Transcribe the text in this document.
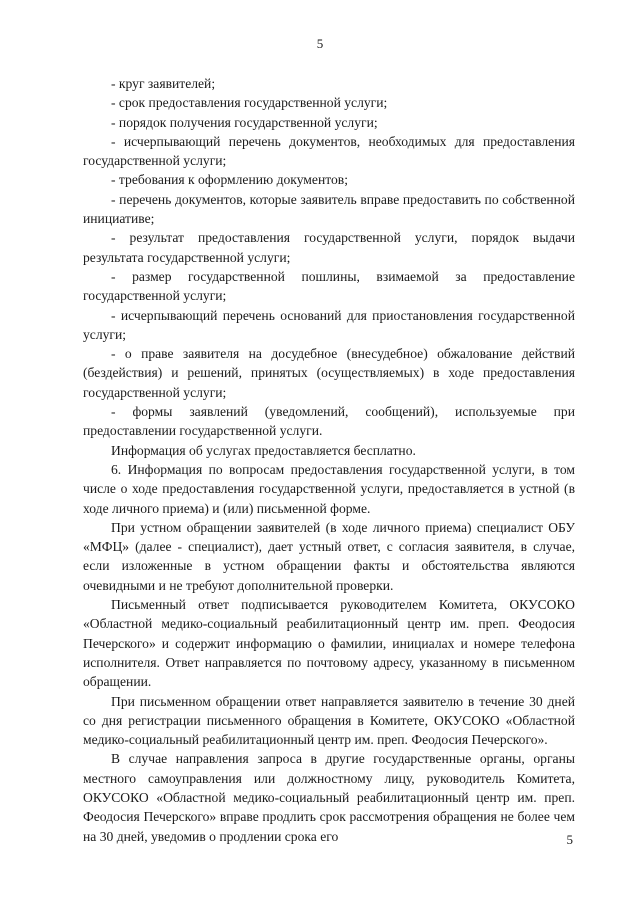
5

- круг заявителей;

- срок предоставления государственной услуги;

- порядок получения государственной услуги;

- исчерпывающий перечень документов, необходимых для предоставления государственной услуги;

- требования к оформлению документов;

- перечень документов, которые заявитель вправе предоставить по собственной инициативе;

- результат предоставления государственной услуги, порядок выдачи результата государственной услуги;

- размер государственной пошлины, взимаемой за предоставление государственной услуги;

- исчерпывающий перечень оснований для приостановления государственной услуги;

- о праве заявителя на досудебное (внесудебное) обжалование действий (бездействия) и решений, принятых (осуществляемых) в ходе предоставления государственной услуги;

- формы заявлений (уведомлений, сообщений), используемые при предоставлении государственной услуги.

Информация об услугах предоставляется бесплатно.

6. Информация по вопросам предоставления государственной услуги, в том числе о ходе предоставления государственной услуги, предоставляется в устной (в ходе личного приема) и (или) письменной форме.

При устном обращении заявителей (в ходе личного приема) специалист ОБУ «МФЦ» (далее - специалист), дает устный ответ, с согласия заявителя, в случае, если изложенные в устном обращении факты и обстоятельства являются очевидными и не требуют дополнительной проверки.

Письменный ответ подписывается руководителем Комитета, ОКУСОКО «Областной медико-социальный реабилитационный центр им. преп. Феодосия Печерского» и содержит информацию о фамилии, инициалах и номере телефона исполнителя. Ответ направляется по почтовому адресу, указанному в письменном обращении.

При письменном обращении ответ направляется заявителю в течение 30 дней со дня регистрации письменного обращения в Комитете, ОКУСОКО «Областной медико-социальный реабилитационный центр им. преп. Феодосия Печерского».

В случае направления запроса в другие государственные органы, органы местного самоуправления или должностному лицу, руководитель Комитета, ОКУСОКО «Областной медико-социальный реабилитационный центр им. преп. Феодосия Печерского» вправе продлить срок рассмотрения обращения не более чем на 30 дней, уведомив о продлении срока его	5
